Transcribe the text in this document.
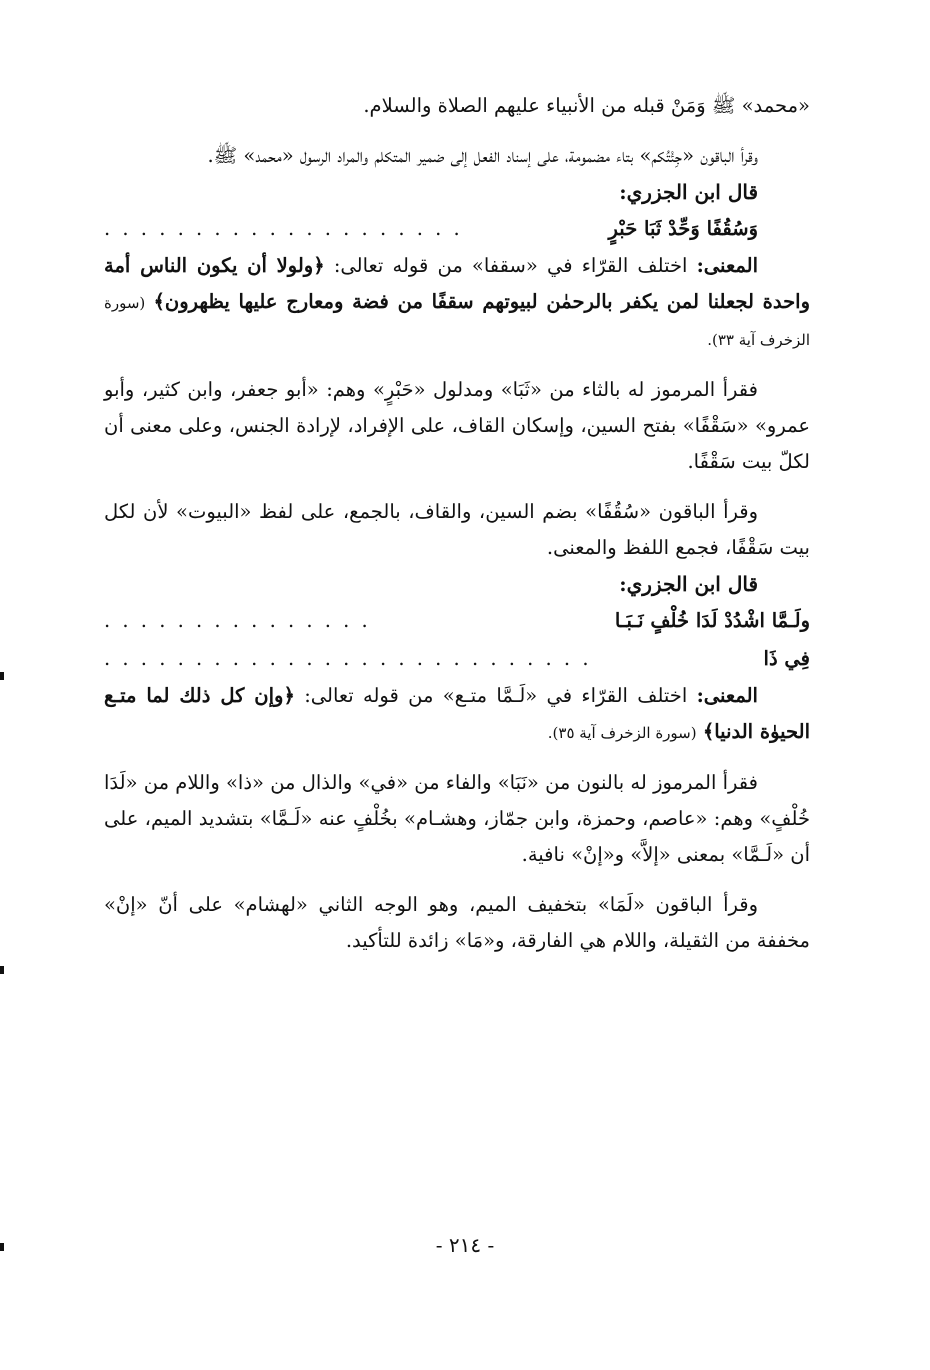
«محمد» ﷺ وَمَنْ قبله من الأنبياء عليهم الصلاة والسلام.

وقرأ الباقون «جِئْتُكم» بتاء مضمومة، على إسناد الفعل إلى ضمير المتكلم والمراد الرسول «محمد» ﷺ.

قال ابن الجزري:

وَسُقُفًا وَحِّدْ ثَبَا حَبْرٍ
. . . . . . . . . . . . . . . . . . . .

المعنى: اختلف القرّاء في «سقفا» من قوله تعالى: ﴿ولولا أن يكون الناس أمة واحدة لجعلنا لمن يكفر بالرحمٰن لبيوتهم سقفًا من فضة ومعارج عليها يظهرون﴾ (سورة الزخرف آية ٣٣).

فقرأ المرموز له بالثاء من «ثَبَا» ومدلول «حَبْرٍ» وهم: «أبو جعفر، وابن كثير، وأبو عمرو» «سَقْفًا» بفتح السين، وإسكان القاف، على الإفراد، لإرادة الجنس، وعلى معنى أن لكلّ بيت سَقْفًا.

وقرأ الباقون «سُقُفًا» بضم السين، والقاف، بالجمع، على لفظ «البيوت» لأن لكل بيت سَقْفًا، فجمع اللفظ والمعنى.

قال ابن الجزري:

ولَـمَّا اشْدُدْ لَدَا خُلْفٍ نَـبَـا
. . . . . . . . . . . . . . .
فِي ذَا
. . . . . . . . . . . . . . . . . . . . . . . . . . .

المعنى: اختلف القرّاء في «لَـمَّا متـع» من قوله تعالى: ﴿وإن كل ذلك لما متـع الحيوٰة الدنيا﴾ (سورة الزخرف آية ٣٥).

فقرأ المرموز له بالنون من «نَبَا» والفاء من «في» والذال من «ذا» واللام من «لَدَا خُلْفٍ» وهم: «عاصم، وحمزة، وابن جمّاز، وهشـام» بخُلْفٍ عنه «لَـمَّا» بتشديد الميم، على أن «لَـمَّا» بمعنى «إلاَّ» و«إنْ» نافية.

وقرأ الباقون «لَمَا» بتخفيف الميم، وهو الوجه الثاني «لهشام» على أنّ «إنْ» مخففة من الثقيلة، واللام هي الفارقة، و«مَا» زائدة للتأكيد.

- ٢١٤ -
